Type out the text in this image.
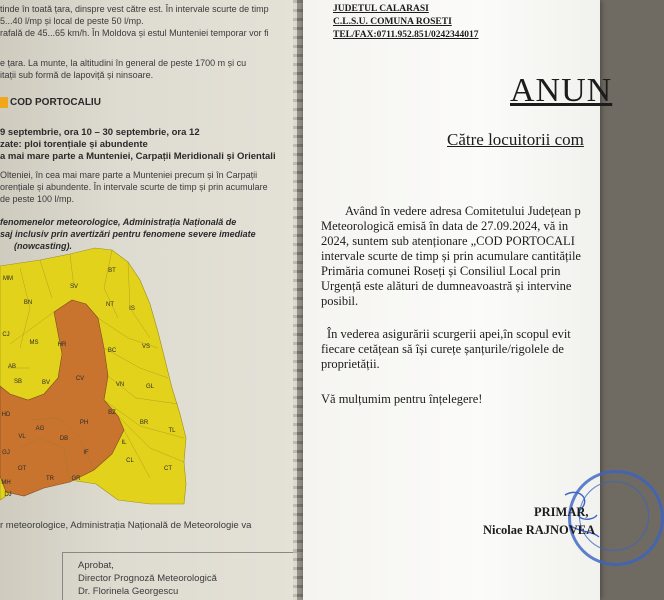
tinde în toată țara, dinspre vest către est. În intervale scurte de timp
5...40 l/mp și local de peste 50 l/mp.
rafală de 45...65 km/h. În Moldova și estul Munteniei temporar vor fi
e țara. La munte, la altitudini în general de peste 1700 m și cu
itații sub formă de lapoviță și ninsoare.
COD PORTOCALIU
9 septembrie, ora 10 – 30 septembrie, ora 12
zate: ploi torențiale și abundente
a mai mare parte a Munteniei, Carpații Meridionali și Orientali
Olteniei, în cea mai mare parte a Munteniei precum și în Carpații
orențiale și abundente. În intervale scurte de timp și prin acumulare
de peste 100 l/mp.
fenomenelor meteorologice, Administrația Națională de
saj inclusiv prin avertizări pentru fenomene severe imediate
(nowcasting).
BT
MM
SV
BN	NT
IS
MS	HR
CJ
BC
VS
AB
CV
SB	BV
GL
VN
HD
AG
PH
VL	DB
BZ
BR
TL
GJ	IF
CL
IL
MH
OT
TR	GR
CT
DJ
r meteorologice, Administrația Națională de Meteorologie va
Aprobat,
Director Prognoză Meteorologică
Dr. Florinela Georgescu
JUDETUL CALARASI
C.L.S.U. COMUNA ROSETI
TEL/FAX:0711.952.851/0242344017
ANUN
Către locuitorii com
Având în vedere adresa Comitetului Județean p
Meteorologică emisă în data de 27.09.2024, vă in
2024, suntem sub atenționare „COD PORTOCALI
intervale scurte de timp și prin acumulare cantitățile
Primăria comunei Roseți și Consiliul Local prin
Urgență este alături de dumneavoastră și intervine
posibil.
În vederea asigurării scurgerii apei,în scopul evit
fiecare cetățean să își curețe șanțurile/rigolele de
proprietății.
Vă mulțumim pentru înțelegere!
PRIMAR,
Nicolae RAJNOVEA
